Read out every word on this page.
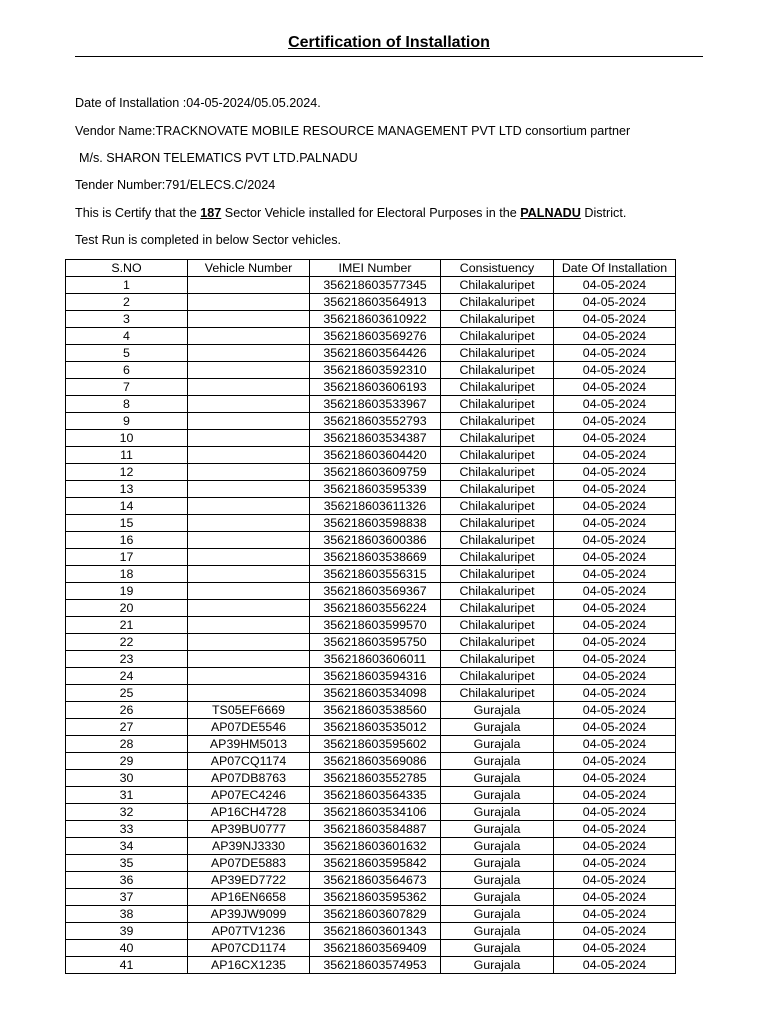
Certification of Installation
Date of Installation :04-05-2024/05.05.2024.
Vendor Name:TRACKNOVATE MOBILE RESOURCE MANAGEMENT PVT LTD consortium partner
M/s. SHARON TELEMATICS PVT LTD.PALNADU
Tender Number:791/ELECS.C/2024
This is Certify that the 187 Sector Vehicle installed for Electoral Purposes in the PALNADU District.
Test Run is completed in below Sector vehicles.
S.NO	Vehicle Number	IMEI Number	Consistuency	Date Of Installation
1		356218603577345	Chilakaluripet	04-05-2024
2		356218603564913	Chilakaluripet	04-05-2024
3		356218603610922	Chilakaluripet	04-05-2024
4		356218603569276	Chilakaluripet	04-05-2024
5		356218603564426	Chilakaluripet	04-05-2024
6		356218603592310	Chilakaluripet	04-05-2024
7		356218603606193	Chilakaluripet	04-05-2024
8		356218603533967	Chilakaluripet	04-05-2024
9		356218603552793	Chilakaluripet	04-05-2024
10		356218603534387	Chilakaluripet	04-05-2024
11		356218603604420	Chilakaluripet	04-05-2024
12		356218603609759	Chilakaluripet	04-05-2024
13		356218603595339	Chilakaluripet	04-05-2024
14		356218603611326	Chilakaluripet	04-05-2024
15		356218603598838	Chilakaluripet	04-05-2024
16		356218603600386	Chilakaluripet	04-05-2024
17		356218603538669	Chilakaluripet	04-05-2024
18		356218603556315	Chilakaluripet	04-05-2024
19		356218603569367	Chilakaluripet	04-05-2024
20		356218603556224	Chilakaluripet	04-05-2024
21		356218603599570	Chilakaluripet	04-05-2024
22		356218603595750	Chilakaluripet	04-05-2024
23		356218603606011	Chilakaluripet	04-05-2024
24		356218603594316	Chilakaluripet	04-05-2024
25		356218603534098	Chilakaluripet	04-05-2024
26	TS05EF6669	356218603538560	Gurajala	04-05-2024
27	AP07DE5546	356218603535012	Gurajala	04-05-2024
28	AP39HM5013	356218603595602	Gurajala	04-05-2024
29	AP07CQ1174	356218603569086	Gurajala	04-05-2024
30	AP07DB8763	356218603552785	Gurajala	04-05-2024
31	AP07EC4246	356218603564335	Gurajala	04-05-2024
32	AP16CH4728	356218603534106	Gurajala	04-05-2024
33	AP39BU0777	356218603584887	Gurajala	04-05-2024
34	AP39NJ3330	356218603601632	Gurajala	04-05-2024
35	AP07DE5883	356218603595842	Gurajala	04-05-2024
36	AP39ED7722	356218603564673	Gurajala	04-05-2024
37	AP16EN6658	356218603595362	Gurajala	04-05-2024
38	AP39JW9099	356218603607829	Gurajala	04-05-2024
39	AP07TV1236	356218603601343	Gurajala	04-05-2024
40	AP07CD1174	356218603569409	Gurajala	04-05-2024
41	AP16CX1235	356218603574953	Gurajala	04-05-2024
